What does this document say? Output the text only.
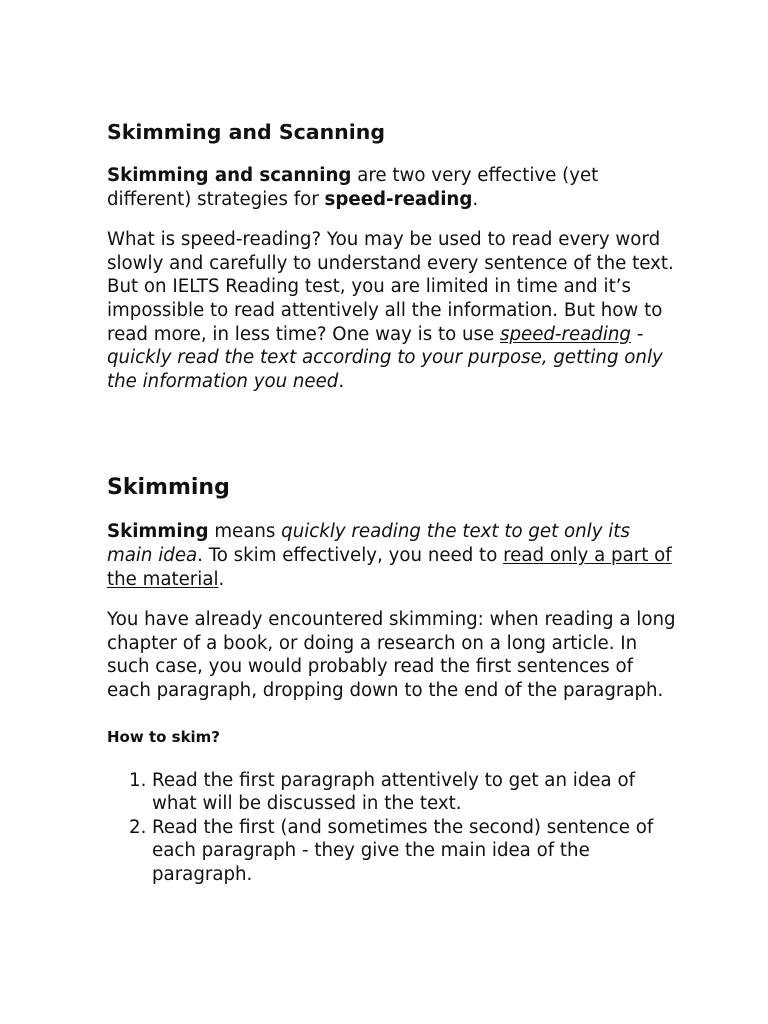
Skimming and Scanning

Skimming and scanning are two very effective (yet different) strategies for speed-reading.

What is speed-reading? You may be used to read every word slowly and carefully to understand every sentence of the text. But on IELTS Reading test, you are limited in time and it’s impossible to read attentively all the information. But how to read more, in less time? One way is to use speed-reading - quickly read the text according to your purpose, getting only the information you need.

Skimming

Skimming means quickly reading the text to get only its main idea. To skim effectively, you need to read only a part of the material.

You have already encountered skimming: when reading a long chapter of a book, or doing a research on a long article. In such case, you would probably read the first sentences of each paragraph, dropping down to the end of the paragraph.

How to skim?
1. Read the first paragraph attentively to get an idea of what will be discussed in the text.
2. Read the first (and sometimes the second) sentence of each paragraph - they give the main idea of the paragraph.
